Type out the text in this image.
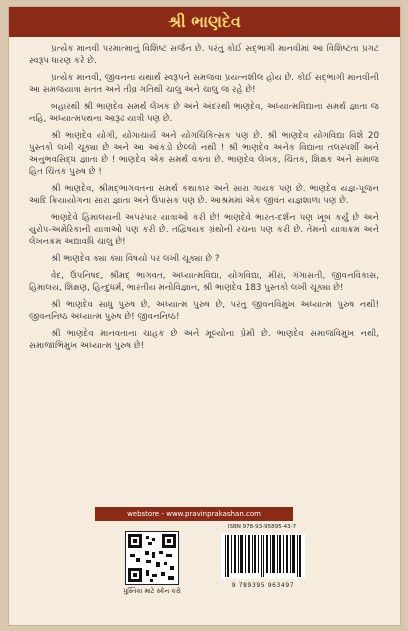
શ્રી ભાણદેવ

પ્રત્યેક માનવી પરમાત્માનું વિશિષ્ટ સર્જન છે. પરંતુ કોઈ સદ્ભાગી માનવીમાં આ વિશિષ્ટતા પ્રગટ સ્વરૂપ ધારણ કરે છે.

પ્રત્યેક માનવી, જીવનના યથાર્થ સ્વરૂપને સમજવા પ્રયત્નશીલ હોય છે. કોઈ સદ્ભાગી માનવીની આ સમજયાત્રા સતત અને તીવ્ર ગતિથી ચાલુ અને ચાલુ જ રહે છે!

બહારથી શ્રી ભાણદેવ સમર્થ લેખક છે અને અંદરથી ભાણદેવ, અધ્યાત્મવિદ્યાના સમર્થ જ્ઞાતા જ નહિ, અધ્યાત્મપથના આરૂઢ યાત્રી પણ છે.

શ્રી ભાણદેવ યોગી, યોગાચાર્ય અને યોગચિકિત્સક પણ છે. શ્રી ભાણદેવ યોગવિદ્યા વિશે 20 પુસ્તકો લખી ચૂક્યા છે અને આ આંકડો છેલ્લો નથી ! શ્રી ભાણદેવ અનેક વિદ્યાના તલસ્પર્શી અને અનુભવસિદ્ધ જ્ઞાતા છે ! ભાણદેવ એક સમર્થ વક્તા છે. ભાણદેવ લેખક, ચિંતક, શિક્ષક અને સમાજ હિત ચિંતક પુરુષ છે !

શ્રી ભાણદેવ, શ્રીમદ્ભાગવતના સમર્થ કથાકાર અને સારા ગાયક પણ છે. ભાણદેવ યજ્ઞ-પૂજન આદિ ક્રિયાયોગના સારા જ્ઞાતા અને ઉપાસક પણ છે. આશ્રમમાં એક જીવંત યજ્ઞશાળા પણ છે.

ભાણદેવે હિમાલયની અપરંપાર યાત્રાઓ કરી છે! ભાણદેવે ભારત-દર્શન પણ ખૂબ કર્યું છે અને યુરોપ-અમેરિકાની યાત્રાઓ પણ કરી છે. તદ્વિષયક ગ્રંથોની રચના પણ કરી છે. તેમનો યાત્રાક્રમ અને લેખનક્રમ અદ્યાવધિ ચાલુ છે!

શ્રી ભાણદેવ ક્યા ક્યા વિષયો પર લખી ચૂક્યા છે ?

વેદ, ઉપનિષદ, શ્રીમદ્ ભાગવત, અધ્યાત્મવિદ્યા, યોગવિદ્યા, મીરાં, ગંગાસતી, જીવનવિકાસ, હિમાલય, શિક્ષણ, હિન્દુધર્મ, ભારતીય મનોવિજ્ઞાન, શ્રી ભાણદેવ 183 પુસ્તકો લખી ચૂક્યા છે!

શ્રી ભાણદેવ સાધુ પુરુષ છે, અધ્યાત્મ પુરુષ છે, પરંતુ જીવનવિમુખ અધ્યાત્મ પુરુષ નથી! જીવનનિષ્ઠ અધ્યાત્મ પુરુષ છે! જીવનનિષ્ઠ!

શ્રી ભાણદેવ માનવતાના ચાહક છે અને મૂલ્યોના પ્રેમી છે. ભાણદેવ સમાજવિમુખ નથી, સમાજાભિમુખ અધ્યાત્મ પુરુષ છે!

webstore - www.pravinprakashan.com
પુસ્તિકા માટે સ્કેન કરો
ISBN 978-93-95895-43-7
9 789395 963497
